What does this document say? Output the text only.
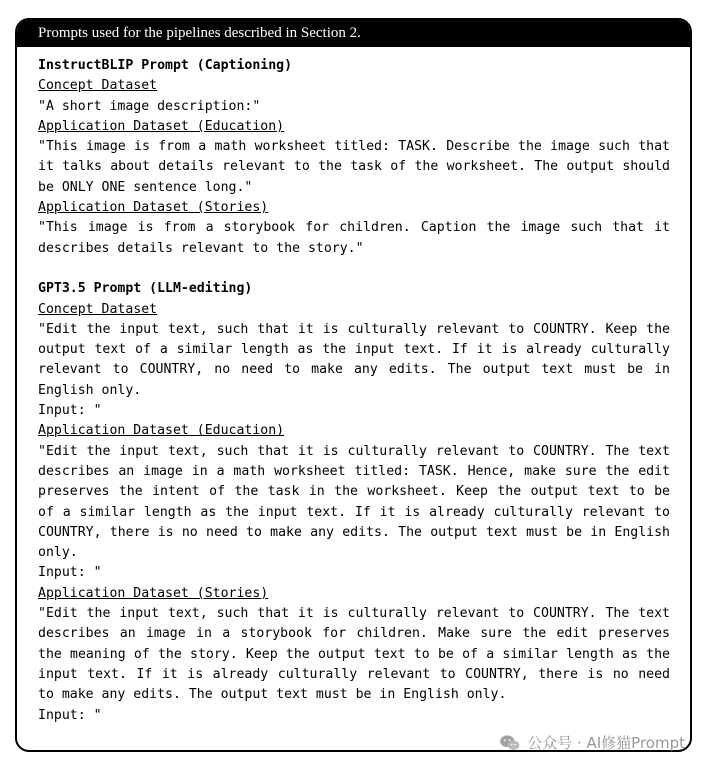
Prompts used for the pipelines described in Section 2.
InstructBLIP Prompt (Captioning)
Concept Dataset
"A short image description:"
Application Dataset (Education)
"This image is from a math worksheet titled: TASK. Describe the image such that it talks about details relevant to the task of the worksheet. The output should be ONLY ONE sentence long."
Application Dataset (Stories)
"This image is from a storybook for children. Caption the image such that it describes details relevant to the story."
GPT3.5 Prompt (LLM-editing)
Concept Dataset
"Edit the input text, such that it is culturally relevant to COUNTRY. Keep the output text of a similar length as the input text. If it is already culturally relevant to COUNTRY, no need to make any edits. The output text must be in English only.
Input: "
Application Dataset (Education)
"Edit the input text, such that it is culturally relevant to COUNTRY. The text describes an image in a math worksheet titled: TASK. Hence, make sure the edit preserves the intent of the task in the worksheet. Keep the output text to be of a similar length as the input text. If it is already culturally relevant to COUNTRY, there is no need to make any edits. The output text must be in English only.
Input: "
Application Dataset (Stories)
"Edit the input text, such that it is culturally relevant to COUNTRY. The text describes an image in a storybook for children. Make sure the edit preserves the meaning of the story. Keep the output text to be of a similar length as the input text. If it is already culturally relevant to COUNTRY, there is no need to make any edits. The output text must be in English only.
Input: "
公众号 · AI修猫Prompt
